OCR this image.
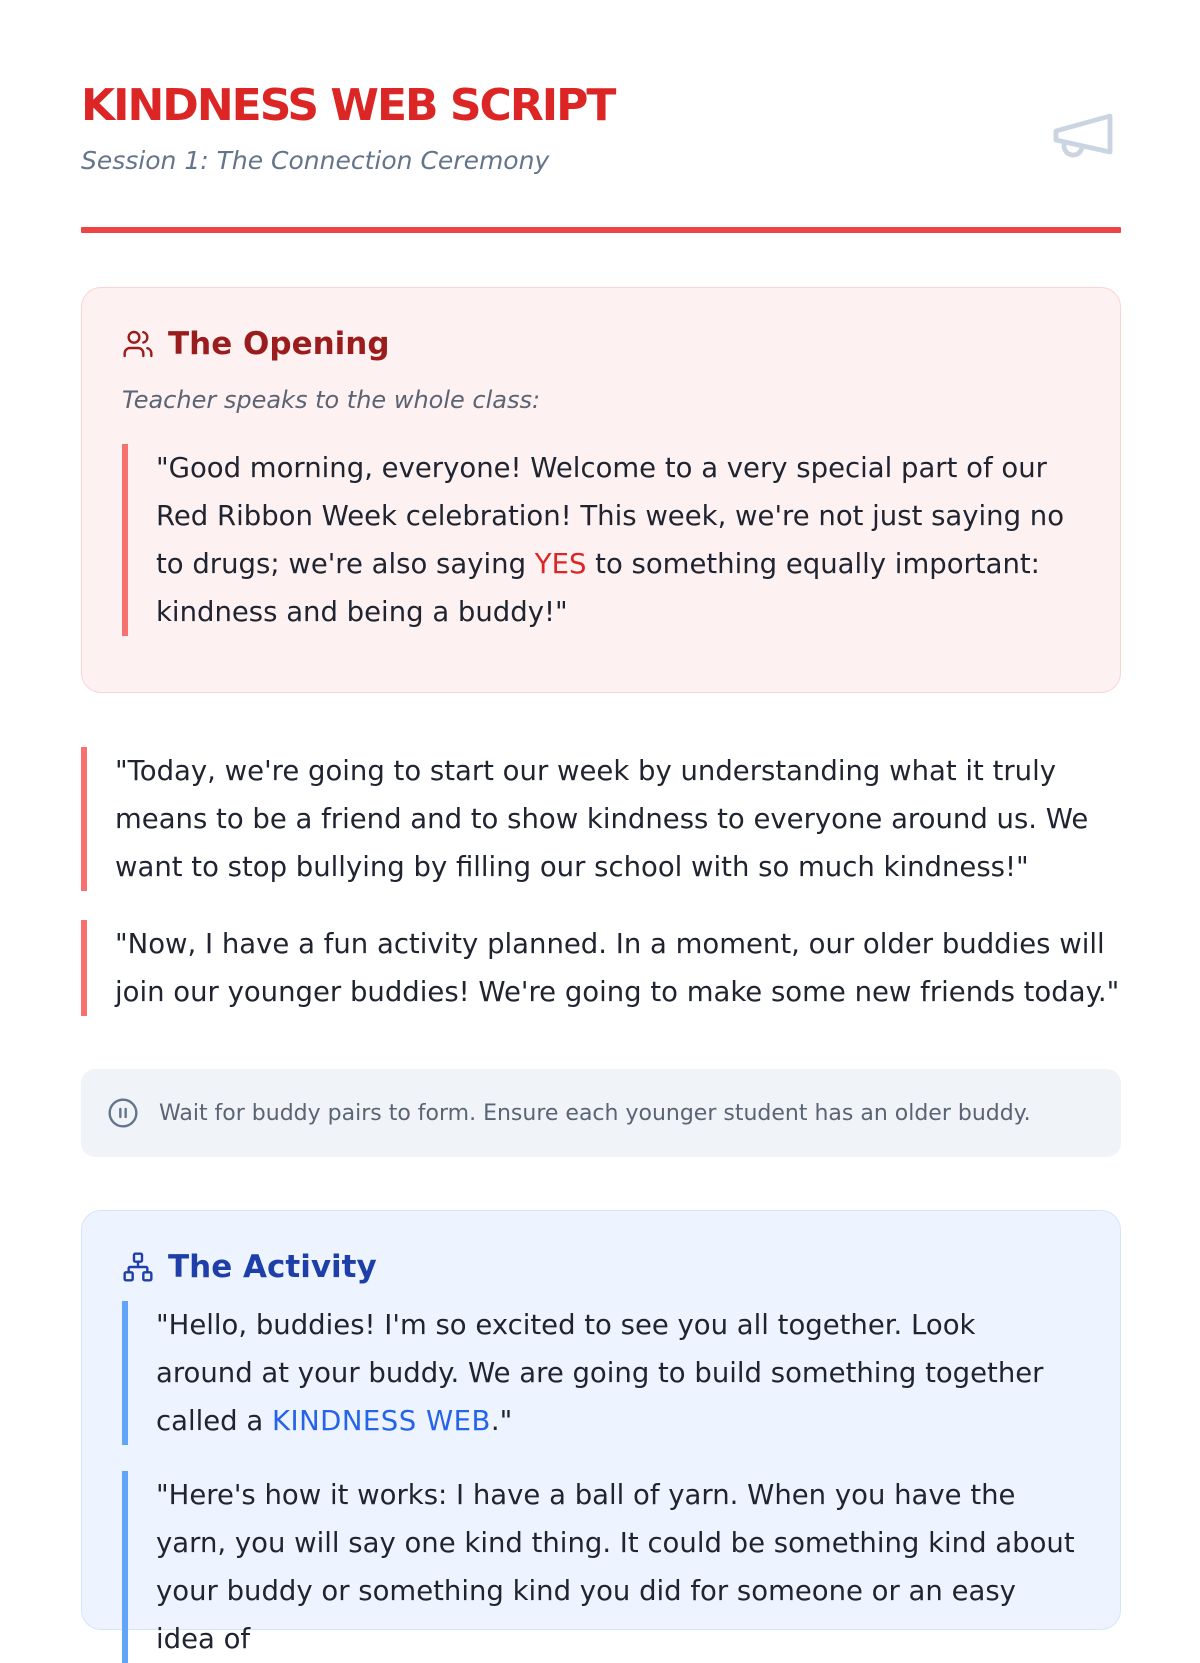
KINDNESS WEB SCRIPT

Session 1: The Connection Ceremony

The Opening

Teacher speaks to the whole class:

"Good morning, everyone! Welcome to a very special part of our Red Ribbon Week celebration! This week, we're not just saying no to drugs; we're also saying YES to something equally important: kindness and being a buddy!"

"Today, we're going to start our week by understanding what it truly means to be a friend and to show kindness to everyone around us. We want to stop bullying by filling our school with so much kindness!"

"Now, I have a fun activity planned. In a moment, our older buddies will join our younger buddies! We're going to make some new friends today."

Wait for buddy pairs to form. Ensure each younger student has an older buddy.
The Activity

"Hello, buddies! I'm so excited to see you all together. Look around at your buddy. We are going to build something together called a KINDNESS WEB."

"Here's how it works: I have a ball of yarn. When you have the yarn, you will say one kind thing. It could be something kind about your buddy or something kind you did for someone or an easy idea of
